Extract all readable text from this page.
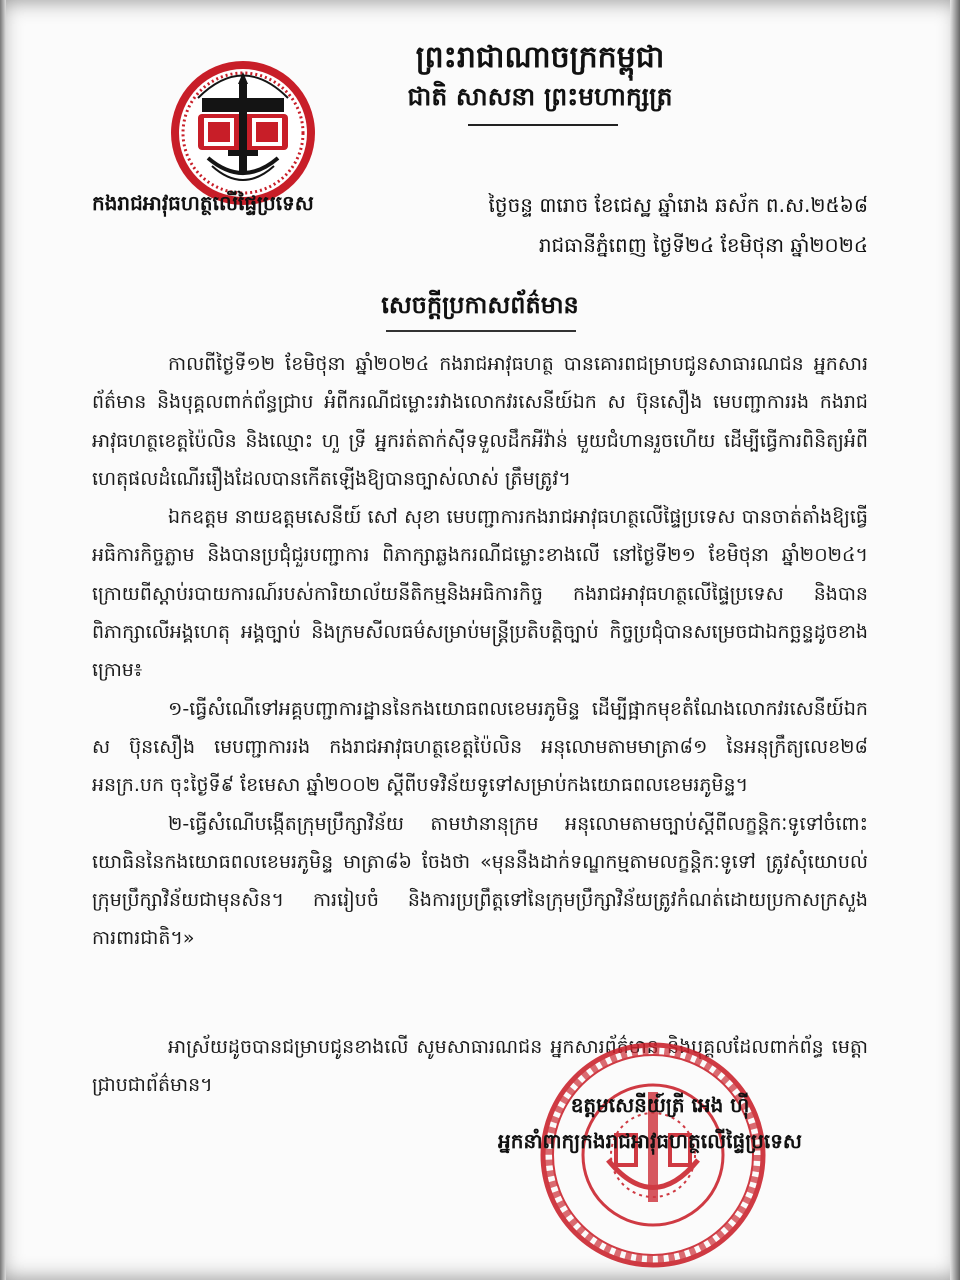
ព្រះរាជាណាចក្រកម្ពុជា
ជាតិ សាសនា ព្រះមហាក្សត្រ
កងរាជអាវុធហត្ថលើផ្ទៃប្រទេស	ថ្ងៃចន្ទ ៣រោច ខែជេស្ឋ ឆ្នាំរោង ឆស័ក ព.ស.២៥៦៨
រាជធានីភ្នំពេញ ថ្ងៃទី២៤ ខែមិថុនា ឆ្នាំ២០២៤
សេចក្តីប្រកាសព័ត៌មាន

កាលពីថ្ងៃទី១២ ខែមិថុនា ឆ្នាំ២០២៤ កងរាជអាវុធហត្ថ បានគោរពជម្រាបជូនសាធារណជន អ្នកសារព័ត៌មាន និងបុគ្គលពាក់ព័ន្ធជ្រាប អំពីករណីជម្លោះរវាងលោកវរសេនីយ៍ឯក ស ប៊ុនសឿង មេបញ្ជាការរង កងរាជអាវុធហត្ថខេត្តប៉ៃលិន និងឈ្មោះ ហួ ទ្រី អ្នករត់តាក់ស៊ីទទួលដឹកអីវ៉ាន់ មួយជំហានរួចហើយ ដើម្បីធ្វើការពិនិត្យអំពីហេតុផលដំណើររឿងដែលបានកើតឡើងឱ្យបានច្បាស់លាស់ ត្រឹមត្រូវ។

ឯកឧត្តម នាយឧត្តមសេនីយ៍ សៅ សុខា មេបញ្ជាការកងរាជអាវុធហត្ថលើផ្ទៃប្រទេស បានចាត់តាំងឱ្យធ្វើអធិការកិច្ចភ្លាម និងបានប្រជុំជួរបញ្ជាការ ពិភាក្សាឆ្លងករណីជម្លោះខាងលើ នៅថ្ងៃទី២១ ខែមិថុនា ឆ្នាំ២០២៤។ ក្រោយពីស្តាប់របាយការណ៍របស់ការិយាល័យនីតិកម្មនិងអធិការកិច្ច កងរាជអាវុធហត្ថលើផ្ទៃប្រទេស និងបានពិភាក្សាលើអង្គហេតុ អង្គច្បាប់ និងក្រមសីលធម៌សម្រាប់មន្ត្រីប្រតិបត្តិច្បាប់ កិច្ចប្រជុំបានសម្រេចជាឯកច្ឆន្ទដូចខាងក្រោម៖

១-ធ្វើសំណើទៅអគ្គបញ្ជាការដ្ឋាននៃកងយោធពលខេមរភូមិន្ទ ដើម្បីផ្អាកមុខតំណែងលោកវរសេនីយ៍ឯក ស ប៊ុនសឿង មេបញ្ជាការរង កងរាជអាវុធហត្ថខេត្តប៉ៃលិន អនុលោមតាមមាត្រា៨១ នៃអនុក្រឹត្យលេខ២៨ អនក្រ.បក ចុះថ្ងៃទី៩ ខែមេសា ឆ្នាំ២០០២ ស្តីពីបទវិន័យទូទៅសម្រាប់កងយោធពលខេមរភូមិន្ទ។

២-ធ្វើសំណើបង្កើតក្រុមប្រឹក្សាវិន័យ តាមឋានានុក្រម អនុលោមតាមច្បាប់ស្តីពីលក្ខន្តិកៈទូទៅចំពោះយោធិននៃកងយោធពលខេមរភូមិន្ទ មាត្រា៨៦ ចែងថា «មុននឹងដាក់ទណ្ឌកម្មតាមលក្ខន្តិកៈទូទៅ ត្រូវសុំយោបល់ក្រុមប្រឹក្សាវិន័យជាមុនសិន។ ការរៀបចំ និងការប្រព្រឹត្តទៅនៃក្រុមប្រឹក្សាវិន័យត្រូវកំណត់ដោយប្រកាសក្រសួងការពារជាតិ។»

អាស្រ័យដូចបានជម្រាបជូនខាងលើ សូមសាធារណជន អ្នកសារព័ត៌មាន និងបុគ្គលដែលពាក់ព័ន្ធ មេត្តាជ្រាបជាព័ត៌មាន។
ឧត្តមសេនីយ៍ត្រី អេង ហ៊ី
អ្នកនាំពាក្យកងរាជអាវុធហត្ថលើផ្ទៃប្រទេស
